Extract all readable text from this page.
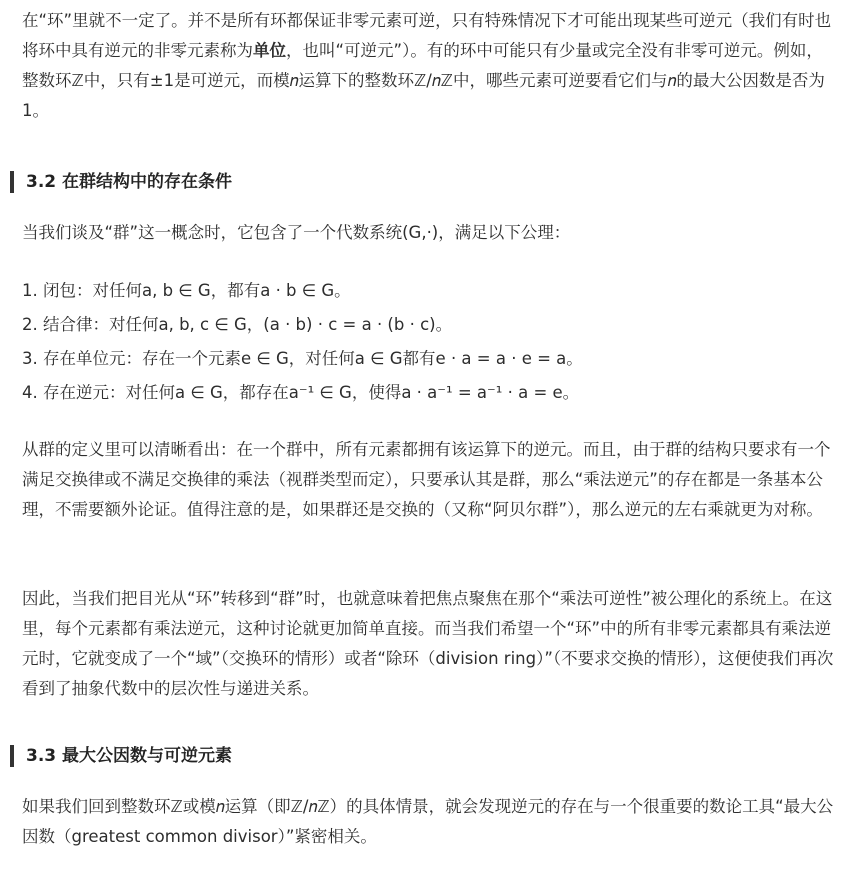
在“环”里就不一定了。并不是所有环都保证非零元素可逆，只有特殊情况下才可能出现某些可逆元（我们有时也将环中具有逆元的非零元素称为单位，也叫“可逆元”）。有的环中可能只有少量或完全没有非零可逆元。例如，整数环ℤ中，只有±1是可逆元，而模𝑛运算下的整数环ℤ/𝑛ℤ中，哪些元素可逆要看它们与𝑛的最大公因数是否为1。

3.2 在群结构中的存在条件

当我们谈及“群”这一概念时，它包含了一个代数系统(G,·)，满足以下公理：

1. 闭包：对任何a, b ∈ G，都有a · b ∈ G。
2. 结合律：对任何a, b, c ∈ G，(a · b) · c = a · (b · c)。
3. 存在单位元：存在一个元素e ∈ G，对任何a ∈ G都有e · a = a · e = a。
4. 存在逆元：对任何a ∈ G，都存在a⁻¹ ∈ G，使得a · a⁻¹ = a⁻¹ · a = e。

从群的定义里可以清晰看出：在一个群中，所有元素都拥有该运算下的逆元。而且，由于群的结构只要求有一个满足交换律或不满足交换律的乘法（视群类型而定），只要承认其是群，那么“乘法逆元”的存在都是一条基本公理，不需要额外论证。值得注意的是，如果群还是交换的（又称“阿贝尔群”），那么逆元的左右乘就更为对称。

因此，当我们把目光从“环”转移到“群”时，也就意味着把焦点聚焦在那个“乘法可逆性”被公理化的系统上。在这里，每个元素都有乘法逆元，这种讨论就更加简单直接。而当我们希望一个“环”中的所有非零元素都具有乘法逆元时，它就变成了一个“域”（交换环的情形）或者“除环（division ring）”（不要求交换的情形），这便使我们再次看到了抽象代数中的层次性与递进关系。

3.3 最大公因数与可逆元素

如果我们回到整数环ℤ或模𝑛运算（即ℤ/𝑛ℤ）的具体情景，就会发现逆元的存在与一个很重要的数论工具“最大公因数（greatest common divisor）”紧密相关。
